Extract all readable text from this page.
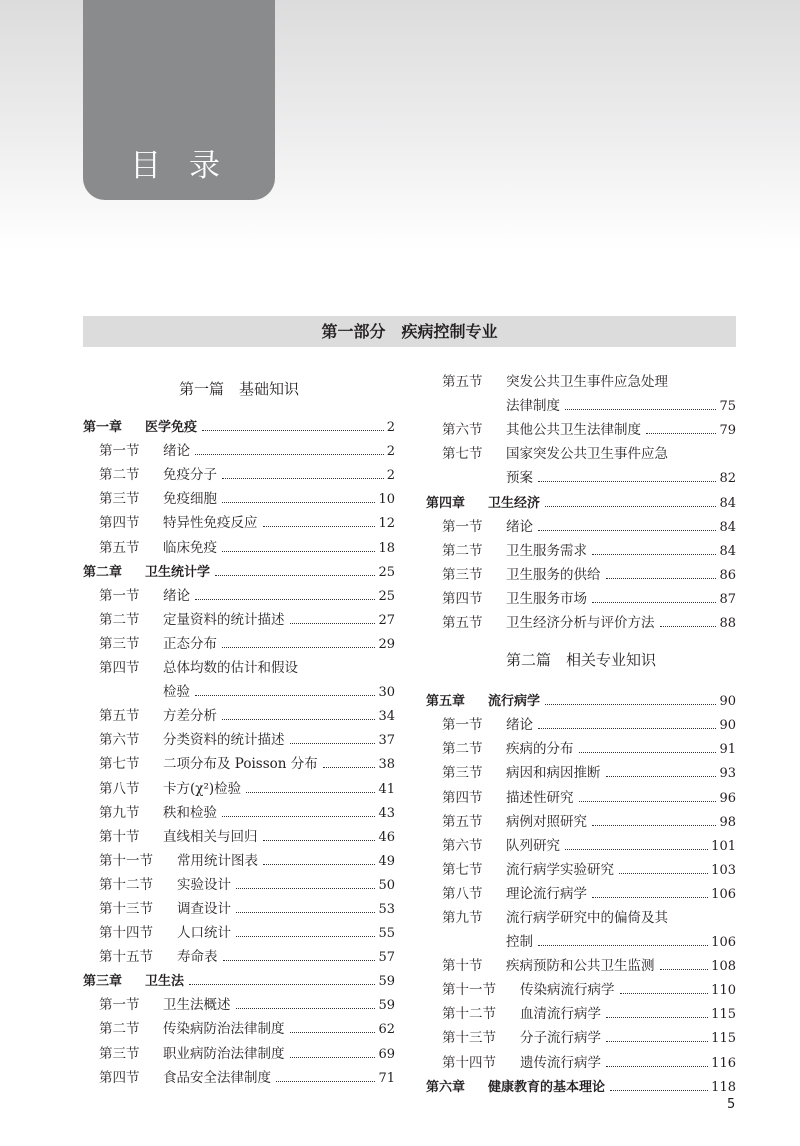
目录
第一部分　疾病控制专业
第一篇　基础知识
第一章	医学免疫	2
第一节	绪论	2
第二节	免疫分子	2
第三节	免疫细胞	10
第四节	特异性免疫反应	12
第五节	临床免疫	18
第二章	卫生统计学	25
第一节	绪论	25
第二节	定量资料的统计描述	27
第三节	正态分布	29
第四节	总体均数的估计和假设
检验	30
第五节	方差分析	34
第六节	分类资料的统计描述	37
第七节	二项分布及 Poisson 分布	38
第八节	卡方(χ²)检验	41
第九节	秩和检验	43
第十节	直线相关与回归	46
第十一节	常用统计图表	49
第十二节	实验设计	50
第十三节	调查设计	53
第十四节	人口统计	55
第十五节	寿命表	57
第三章	卫生法	59
第一节	卫生法概述	59
第二节	传染病防治法律制度	62
第三节	职业病防治法律制度	69
第四节	食品安全法律制度	71
第五节	突发公共卫生事件应急处理
法律制度	75
第六节	其他公共卫生法律制度	79
第七节	国家突发公共卫生事件应急
预案	82
第四章	卫生经济	84
第一节	绪论	84
第二节	卫生服务需求	84
第三节	卫生服务的供给	86
第四节	卫生服务市场	87
第五节	卫生经济分析与评价方法	88
第二篇　相关专业知识
第五章	流行病学	90
第一节	绪论	90
第二节	疾病的分布	91
第三节	病因和病因推断	93
第四节	描述性研究	96
第五节	病例对照研究	98
第六节	队列研究	101
第七节	流行病学实验研究	103
第八节	理论流行病学	106
第九节	流行病学研究中的偏倚及其
控制	106
第十节	疾病预防和公共卫生监测	108
第十一节	传染病流行病学	110
第十二节	血清流行病学	115
第十三节	分子流行病学	115
第十四节	遗传流行病学	116
第六章	健康教育的基本理论	118
5
